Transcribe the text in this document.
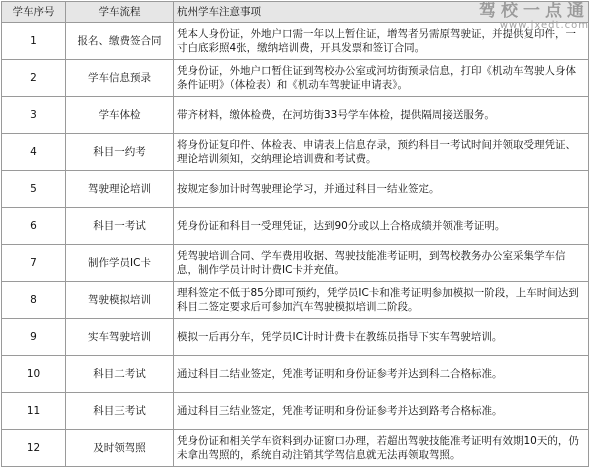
学车序号	学车流程	杭州学车注意事项
1	报名、缴费签合同	凭本人身份证，外地户口需一年以上暂住证，增驾者另需原驾驶证，并提供复印件，一寸白底彩照4张，缴纳培训费，开具发票和签订合同。
2	学车信息预录	凭身份证，外地户口暂住证到驾校办公室或河坊街预录信息，打印《机动车驾驶人身体条件证明》（体检表）和《机动车驾驶证申请表》。
3	学车体检	带齐材料，缴体检费，在河坊街33号学车体检，提供隔周接送服务。
4	科目一约考	将身份证复印件、体检表、申请表上信息存录，预约科目一考试时间并领取受理凭证、理论培训须知，交纳理论培训费和考试费。
5	驾驶理论培训	按规定参加计时驾驶理论学习，并通过科目一结业签定。
6	科目一考试	凭身份证和科目一受理凭证，达到90分或以上合格成绩并领准考证明。
7	制作学员IC卡	凭驾驶培训合同、学车费用收据、驾驶技能准考证明，到驾校教务办公室采集学车信息，制作学员计时计费IC卡并充值。
8	驾驶模拟培训	理科签定不低于85分即可预约，凭学员IC卡和准考证明参加模拟一阶段，上车时间达到科目二签定要求后可参加汽车驾驶模拟培训二阶段。
9	实车驾驶培训	模拟一后再分车，凭学员IC计时计费卡在教练员指导下实车驾驶培训。
10	科目二考试	通过科目二结业签定，凭准考证明和身份证参考并达到科二合格标准。
11	科目三考试	通过科目三结业签定，凭准考证明和身份证参考并达到路考合格标准。
12	及时领驾照	凭身份证和相关学车资料到办证窗口办理，若超出驾驶技能准考证明有效期10天的，仍未拿出驾照的，系统自动注销其学驾信息就无法再领取驾照。
驾校一点通
www.jxedt.com
